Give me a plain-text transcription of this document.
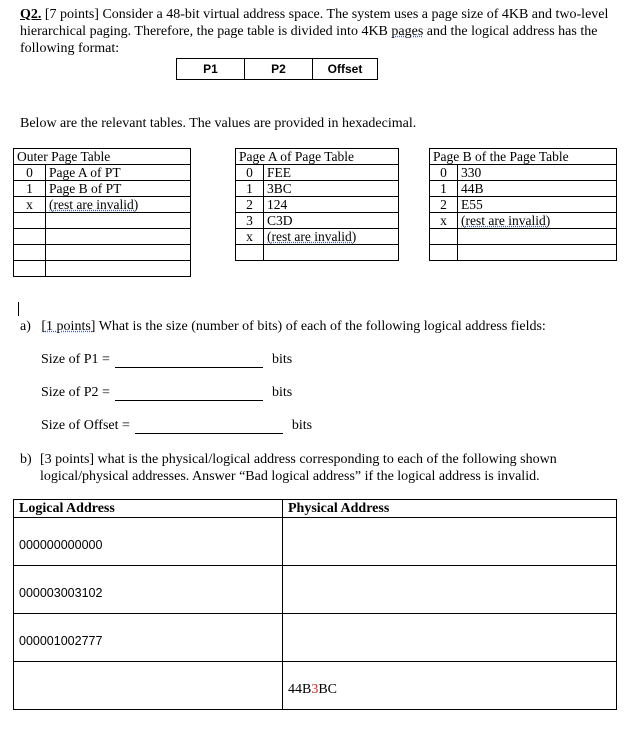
Q2. [7 points] Consider a 48-bit virtual address space. The system uses a page size of 4KB and two-level hierarchical paging. Therefore, the page table is divided into 4KB pages and the logical address has the following format:
P1	P2	Offset
Below are the relevant tables. The values are provided in hexadecimal.
Outer Page Table	
0	Page A of PT
1	Page B of PT
x	(rest are invalid)

Page A of Page Table	
0	FEE
1	3BC
2	124
3	C3D
x	(rest are invalid)

Page B of the Page Table	
0	330
1	44B
2	E55
x	(rest are invalid)

a) [1 points] What is the size (number of bits) of each of the following logical address fields:
Size of P1 =	bits
Size of P2 =	bits
Size of Offset =	bits
b) [3 points] what is the physical/logical address corresponding to each of the following shown logical/physical addresses. Answer “Bad logical address” if the logical address is invalid.
Logical Address	Physical Address
000000000000	
000003003102	
000001002777	
	44B3BC
